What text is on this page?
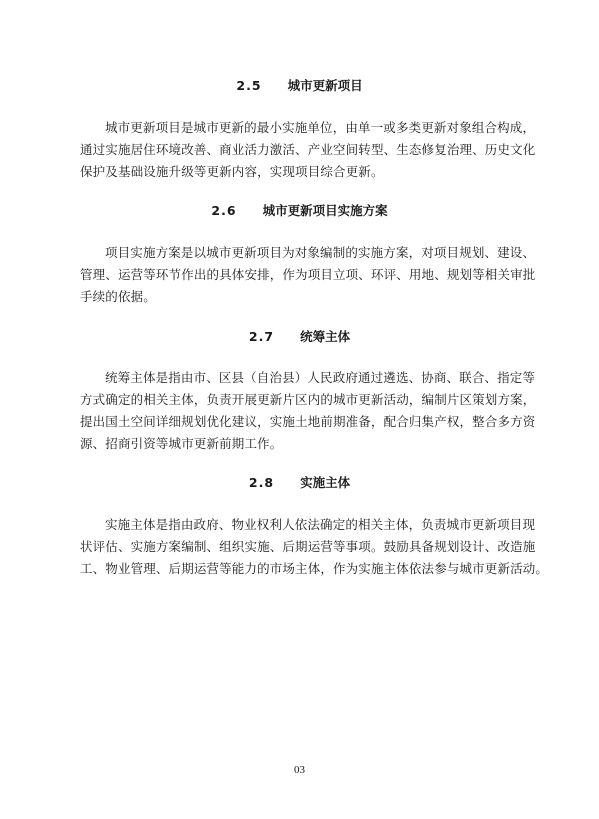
2.5 城市更新项目
城市更新项目是城市更新的最小实施单位，由单一或多类更新对象组合构成，
通过实施居住环境改善、商业活力激活、产业空间转型、生态修复治理、历史文化
保护及基础设施升级等更新内容，实现项目综合更新。
2.6 城市更新项目实施方案
项目实施方案是以城市更新项目为对象编制的实施方案，对项目规划、建设、
管理、运营等环节作出的具体安排，作为项目立项、环评、用地、规划等相关审批
手续的依据。
2.7 统筹主体
统筹主体是指由市、区县（自治县）人民政府通过遴选、协商、联合、指定等
方式确定的相关主体，负责开展更新片区内的城市更新活动，编制片区策划方案，
提出国土空间详细规划优化建议，实施土地前期准备，配合归集产权，整合多方资
源、招商引资等城市更新前期工作。
2.8 实施主体
实施主体是指由政府、物业权利人依法确定的相关主体，负责城市更新项目现
状评估、实施方案编制、组织实施、后期运营等事项。鼓励具备规划设计、改造施
工、物业管理、后期运营等能力的市场主体，作为实施主体依法参与城市更新活动。
03
